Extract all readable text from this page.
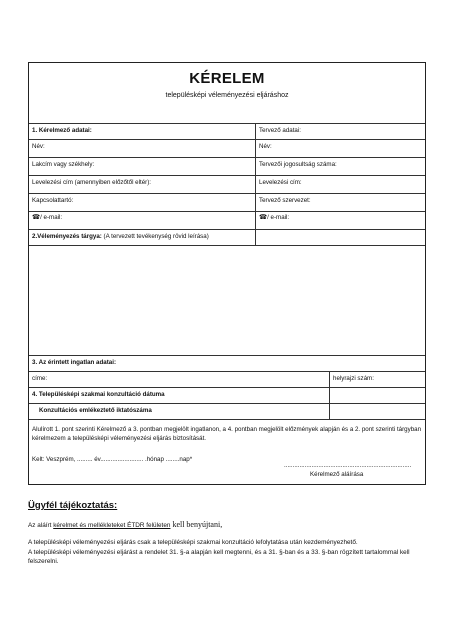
KÉRELEM
településképi véleményezési eljáráshoz
1. Kérelmező adatai:
Név:
Lakcím vagy székhely:
Levelezési cím (amennyiben előzőtől eltér):
Kapcsolattartó:
☎/ e-mail:
Tervező adatai:
Név:
Tervezői jogosultság száma:
Levelezési cím:
Tervező szervezet:
☎/ e-mail:
2.Véleményezés tárgya: (A tervezett tevékenység rövid leírása)
3. Az érintett ingatlan adatai:
címe:	helyrajzi szám:
4. Településképi szakmai konzultáció dátuma
Konzultációs emlékeztető iktatószáma
Alulírott 1. pont szerinti Kérelmező a 3. pontban megjelölt ingatlanon, a 4. pontban megjelölt előzmények alapján és a 2. pont szerinti tárgyban kérelmezem a településképi véleményezési eljárás biztosítását.
Kelt: Veszprém, ......... év......................... .hónap ........nap*
..........................................................................
Kérelmező aláírása
Ügyfél tájékoztatás:
Az aláírt kérelmet és mellékleteket ÉTDR felületen kell benyújtani,
A településképi véleményezési eljárás csak a településképi szakmai konzultáció lefolytatása után kezdeményezhető.
A településképi véleményezési eljárást a rendelet 31. §-a alapján kell megtenni, és a 31. §-ban és a 33. §-ban rögzített tartalommal kell felszerelni.
